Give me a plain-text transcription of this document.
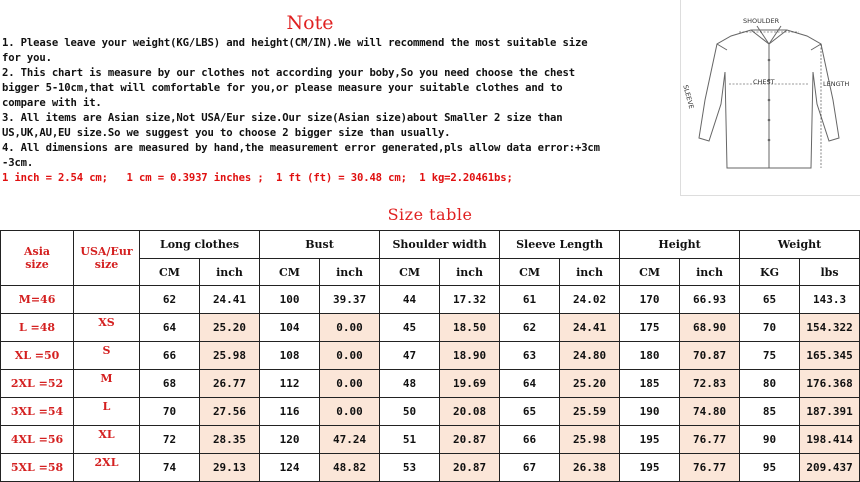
Note
1. Please leave your weight(KG/LBS) and height(CM/IN).We will recommend the most suitable size
for you.
2. This chart is measure by our clothes not according your boby,So you need choose the chest
bigger 5-10cm,that will comfortable for you,or please measure your suitable clothes and to
compare with it.
3. All items are Asian size,Not USA/Eur size.Our size(Asian size)about Smaller 2 size than
US,UK,AU,EU size.So we suggest you to choose 2 bigger size than usually.
4. All dimensions are measured by hand,the measurement error generated,pls allow data error:+3cm
-3cm.
1 inch = 2.54 cm;   1 cm = 0.3937 inches ;  1 ft (ft) = 30.48 cm;  1 kg=2.20461bs;
SHOULDER
CHEST
SLEEVE	LENGTH
Size table
Asia size	USA/Eur size	Long clothes		Bust		Shoulder width		Sleeve Length		Height		Weight	
		CM	inch	CM	inch	CM	inch	CM	inch	CM	inch	KG	lbs
M=46		62	24.41	100	39.37	44	17.32	61	24.02	170	66.93	65	143.3
L =48	XS	64	25.20	104	0.00	45	18.50	62	24.41	175	68.90	70	154.322
XL =50	S	66	25.98	108	0.00	47	18.90	63	24.80	180	70.87	75	165.345
2XL =52	M	68	26.77	112	0.00	48	19.69	64	25.20	185	72.83	80	176.368
3XL =54	L	70	27.56	116	0.00	50	20.08	65	25.59	190	74.80	85	187.391
4XL =56	XL	72	28.35	120	47.24	51	20.87	66	25.98	195	76.77	90	198.414
5XL =58	2XL	74	29.13	124	48.82	53	20.87	67	26.38	195	76.77	95	209.437
